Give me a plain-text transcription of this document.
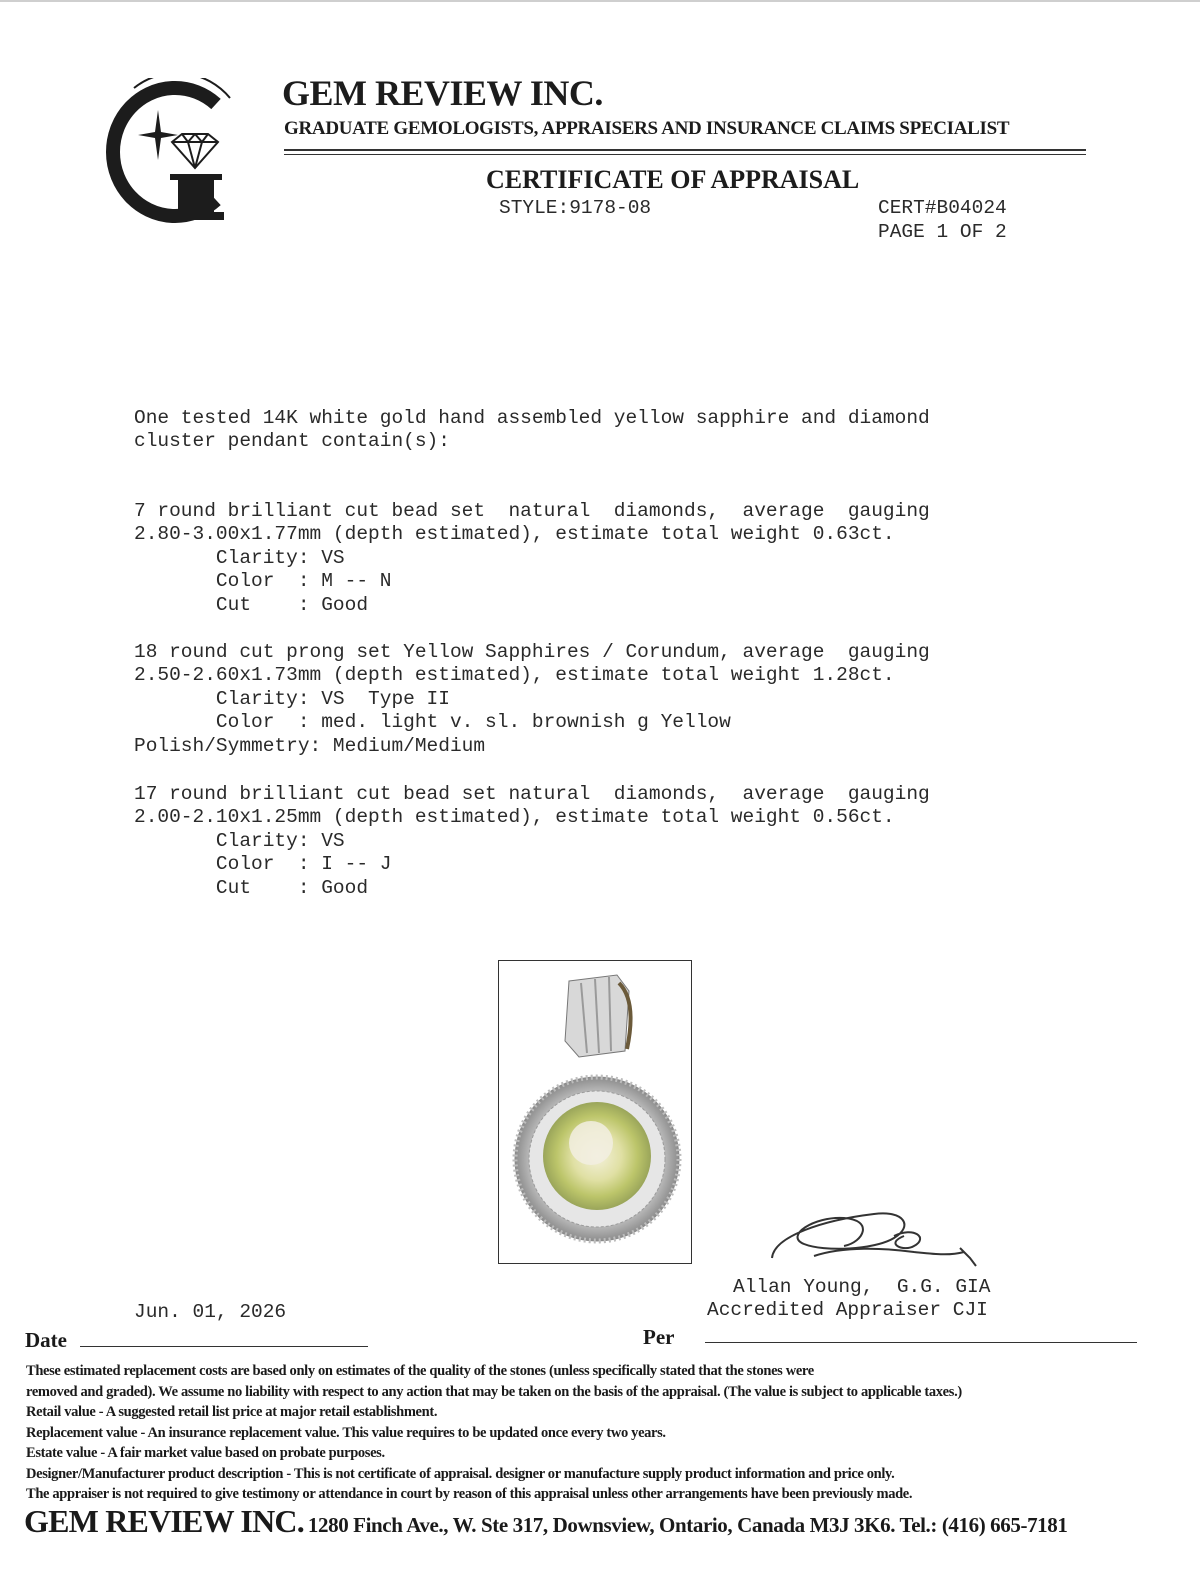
GEM REVIEW INC.
GRADUATE GEMOLOGISTS, APPRAISERS AND INSURANCE CLAIMS SPECIALIST
CERTIFICATE OF APPRAISAL
STYLE:9178-08	CERT#B04024
PAGE 1 OF 2
One tested 14K white gold hand assembled yellow sapphire and diamond
cluster pendant contain(s):
7 round brilliant cut bead set  natural  diamonds,  average  gauging
2.80-3.00x1.77mm (depth estimated), estimate total weight 0.63ct.
Clarity: VS
Color  : M -- N
Cut    : Good
18 round cut prong set Yellow Sapphires / Corundum, average  gauging
2.50-2.60x1.73mm (depth estimated), estimate total weight 1.28ct.
Clarity: VS  Type II
Color  : med. light v. sl. brownish g Yellow
Polish/Symmetry: Medium/Medium
17 round brilliant cut bead set natural  diamonds,  average  gauging
2.00-2.10x1.25mm (depth estimated), estimate total weight 0.56ct.
Clarity: VS
Color  : I -- J
Cut    : Good
Allan Young,  G.G. GIA
Accredited Appraiser CJI
Jun. 01, 2026
Date	Per
These estimated replacement costs are based only on estimates of the quality of the stones (unless specifically stated that the stones were
removed and graded). We assume no liability with respect to any action that may be taken on the basis of the appraisal. (The value is subject to applicable taxes.)
Retail value - A suggested retail list price at major retail establishment.
Replacement value - An insurance replacement value. This value requires to be updated once every two years.
Estate value - A fair market value based on probate purposes.
Designer/Manufacturer product description - This is not certificate of appraisal. designer or manufacture supply product information and price only.
The appraiser is not required to give testimony or attendance in court by reason of this appraisal unless other arrangements have been previously made.
GEM REVIEW INC. 1280 Finch Ave., W. Ste 317, Downsview, Ontario, Canada M3J 3K6. Tel.: (416) 665-7181
